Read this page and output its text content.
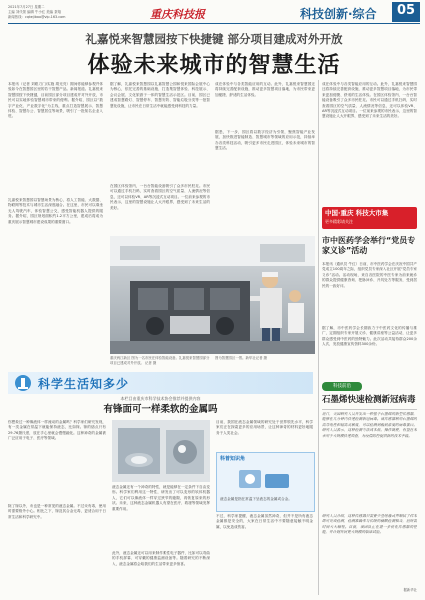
2021年7月27日 星期二
主编 刘代领 编辑 牛小红 美编 茶翔
新闻热线：cqkejibao@vip.163.com	重庆科技报	科技创新·综合	05
礼嘉悦来智慧园按下快捷键 部分项目建成对外开放
体验未来城市的智慧生活
本报讯（记者 刘聪刀门/实施 胡光亮）期间你能够参观并体验如今在智慧园区里的若干智慧产品。新闻报道。礼嘉悦来智慧园按下快捷键，目前园区部分项目建成并对外开放，市民可以实地体验智慧城市带来的便利。据介绍，园区以“数字产业化、产业数字化”为主线，重点打造智慧展示、智慧体验、智慧办公、智慧居住等场景，吸引了一批知名企业入驻。
礼嘉悦来智慧园以智慧场景为核心，将人工智能、大数据、物联网等技术与城市生活深度融合。在这里，市民可以乘坐无人驾驶汽车，体验智慧公交，感受智能机器人提供的服务。据介绍，园区规划面积约1.2平方公里，建成后将成为重庆展示智慧城市建设成果的重要窗口。
据了解，礼嘉悦来智慧园以礼嘉智慧公园和悦来国际会展中心为核心，依托完善的基础设施，打造集智慧体验、科技展示、会议会展、文化旅游于一体的智慧生活示范区。目前，园区已建成智慧路灯、智慧停车、智慧安防、智能垃圾分类等一批智慧化设施，让市民在日常生活中就能感受到科技的力量。
在园区体验馆内，一台台智能设备吸引了众多市民驻足。市民可以通过手机扫码，实时查看园区的空气质量、人流情况等信息，还可以体验VR、AR等沉浸式互动项目。一位前来参观的市民表示，这里的智慧设施让人大开眼界，感受到了未来生活的美好。
成在体验中与各类智能应用的互动。此外，礼嘉悦来智慧园还将持续完善配套设施，推动更多智慧项目落地，为市民带来更加便捷、舒适的生活体验。
据悉，下一步，园区将以数字经济为引领，聚焦智能产业发展，加快推进智能制造、智慧城市等领域的应用示范，持续举办各类科技活动，吸引更多市民走进园区，体验未来城市的智慧生活。
重庆两江新区 图为一名市民在体验智能设备。礼嘉悦来智慧园部分项目已建成对外开放。 记者 摄
图为智慧园区一景。新华社记者 摄
成在体验中与各类智能应用的互动。此外，礼嘉悦来智慧园还将持续完善配套设施，推动更多智慧项目落地，为市民带来更加便捷、舒适的生活体验。在园区体验馆内，一台台智能设备吸引了众多市民驻足。市民可以通过手机扫码，实时查看园区的空气质量、人流情况等信息，还可以体验VR、AR等沉浸式互动项目。一位前来参观的市民表示，这里的智慧设施让人大开眼界，感受到了未来生活的美好。
中国·重庆 科技大市集
更多精彩请关注
市中医药学会举行“党员专家义诊”活动
本报讯（通讯员 牛红）日前，市中医药学会在庆祝中国共产党成立100周年之际，组织党员专家深入社区开展“党员专家义诊”活动。活动现场，来自各医院的中医专家为前来就诊的群众提供健康咨询、把脉问诊、开具处方等服务，受到居民的一致好评。
据了解，市中医药学会长期致力于中医药文化的传播与推广，定期组织专家开展义诊、健康讲座等公益活动，让更多群众感受到中医药的独特魅力。此次活动共接待群众200余人次，发放健康宣传资料300余份。
科技前沿
石墨烯快速检测新冠病毒
近日，美国研究人员开发出一种基于石墨烯的新型传感器，能够在几分钟内快速检测新冠病毒。该传感器利用石墨烯的高导电性和超高灵敏度，可以检测到极低浓度的病毒蛋白。研究人员表示，这种检测方法成本低、操作简便，有望在未来用于大规模快速筛查，为疫情防控提供新的技术手段。
研究人员介绍，这种传感器只需要少量唾液或鼻咽拭子样本即可完成检测，检测准确率与传统的核酸检测相当，但所需时间大大缩短。目前，该团队正在进一步优化传感器的性能，并计划开展更大规模的临床试验。
据新华社
科学生活知多少
本栏目由重庆市科学技术协会推荐并提供内容
有锋面可一样柔软的金属吗
你想象过一种像液体一样流动的金属吗？科学家们研究发现，有一类金属在常温下就能保持液态，比如镓。镓的熔点只有29.76摄氏度，放在手心里就会慢慢融化。这种神奇的金属被广泛应用于电子、医疗等领域。
除了镓以外，汞也是一种常见的液态金属。不过汞有毒，使用时需要格外小心。相比之下，镓及其合金无毒，更适合用于日常生活和科学研究中。
液态金属还有一个神奇的特性，就是能够在一定条件下自由变形。科学家们利用这一特性，研发出了可以变形的软体机器人，它们可以像液体一样穿过狭窄的缝隙，再恢复原来的形状。未来，这种液态金属机器人有望在医疗、救援等领域发挥重要作用。
此外，液态金属还可以用来制作柔性电子器件，比如可以弯曲的手机屏幕、可穿戴的健康监测设备等。随着研究的不断深入，液态金属将会给我们的生活带来更多惊喜。
目前，我国在液态金属领域的研究处于世界领先水平，科学家们正在探索更多的应用场景，让这种神奇的材料更好地服务于人类社会。
科普知识角
液态金属是指在常温下呈液态的金属或合金。
不过，科学家提醒，液态金属虽然神奇，但并不是所有液态金属都是安全的，大家在日常生活中不要随意接触不明金属，以免造成伤害。
